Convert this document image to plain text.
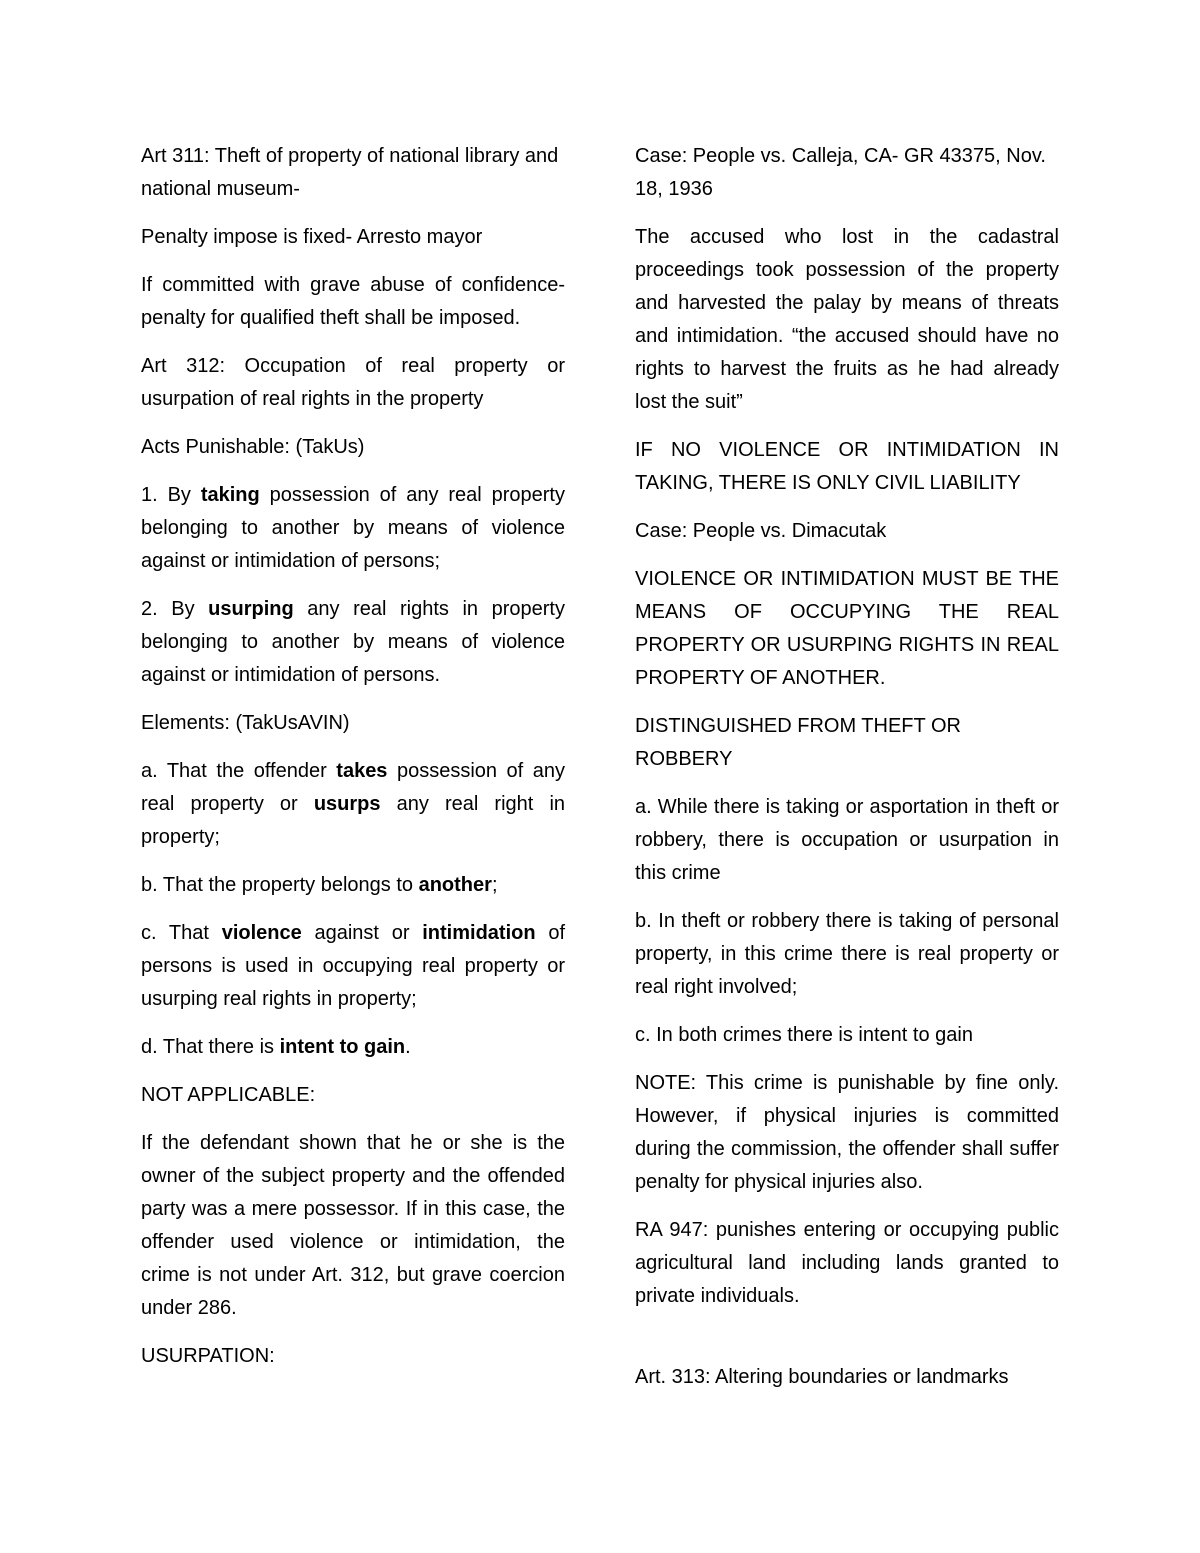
Art 311: Theft of property of national library and national museum-

Penalty impose is fixed- Arresto mayor

If committed with grave abuse of confidence- penalty for qualified theft shall be imposed.

Art 312: Occupation of real property or usurpation of real rights in the property

Acts Punishable: (TakUs)

1. By taking possession of any real property belonging to another by means of violence against or intimidation of persons;

2. By usurping any real rights in property belonging to another by means of violence against or intimidation of persons.

Elements: (TakUsAVIN)

a. That the offender takes possession of any real property or usurps any real right in property;

b. That the property belongs to another;

c. That violence against or intimidation of persons is used in occupying real property or usurping real rights in property;

d. That there is intent to gain.

NOT APPLICABLE:

If the defendant shown that he or she is the owner of the subject property and the offended party was a mere possessor. If in this case, the offender used violence or intimidation, the crime is not under Art. 312, but grave coercion under 286.

USURPATION:

Case: People vs. Calleja, CA- GR 43375, Nov. 18, 1936

The accused who lost in the cadastral proceedings took possession of the property and harvested the palay by means of threats and intimidation. “the accused should have no rights to harvest the fruits as he had already lost the suit”

IF NO VIOLENCE OR INTIMIDATION IN TAKING, THERE IS ONLY CIVIL LIABILITY

Case: People vs. Dimacutak

VIOLENCE OR INTIMIDATION MUST BE THE MEANS OF OCCUPYING THE REAL PROPERTY OR USURPING RIGHTS IN REAL PROPERTY OF ANOTHER.

DISTINGUISHED FROM THEFT OR ROBBERY

a. While there is taking or asportation in theft or robbery, there is occupation or usurpation in this crime

b. In theft or robbery there is taking of personal property, in this crime there is real property or real right involved;

c. In both crimes there is intent to gain

NOTE: This crime is punishable by fine only. However, if physical injuries is committed during the commission, the offender shall suffer penalty for physical injuries also.

RA 947: punishes entering or occupying public agricultural land including lands granted to private individuals.

Art. 313: Altering boundaries or landmarks
